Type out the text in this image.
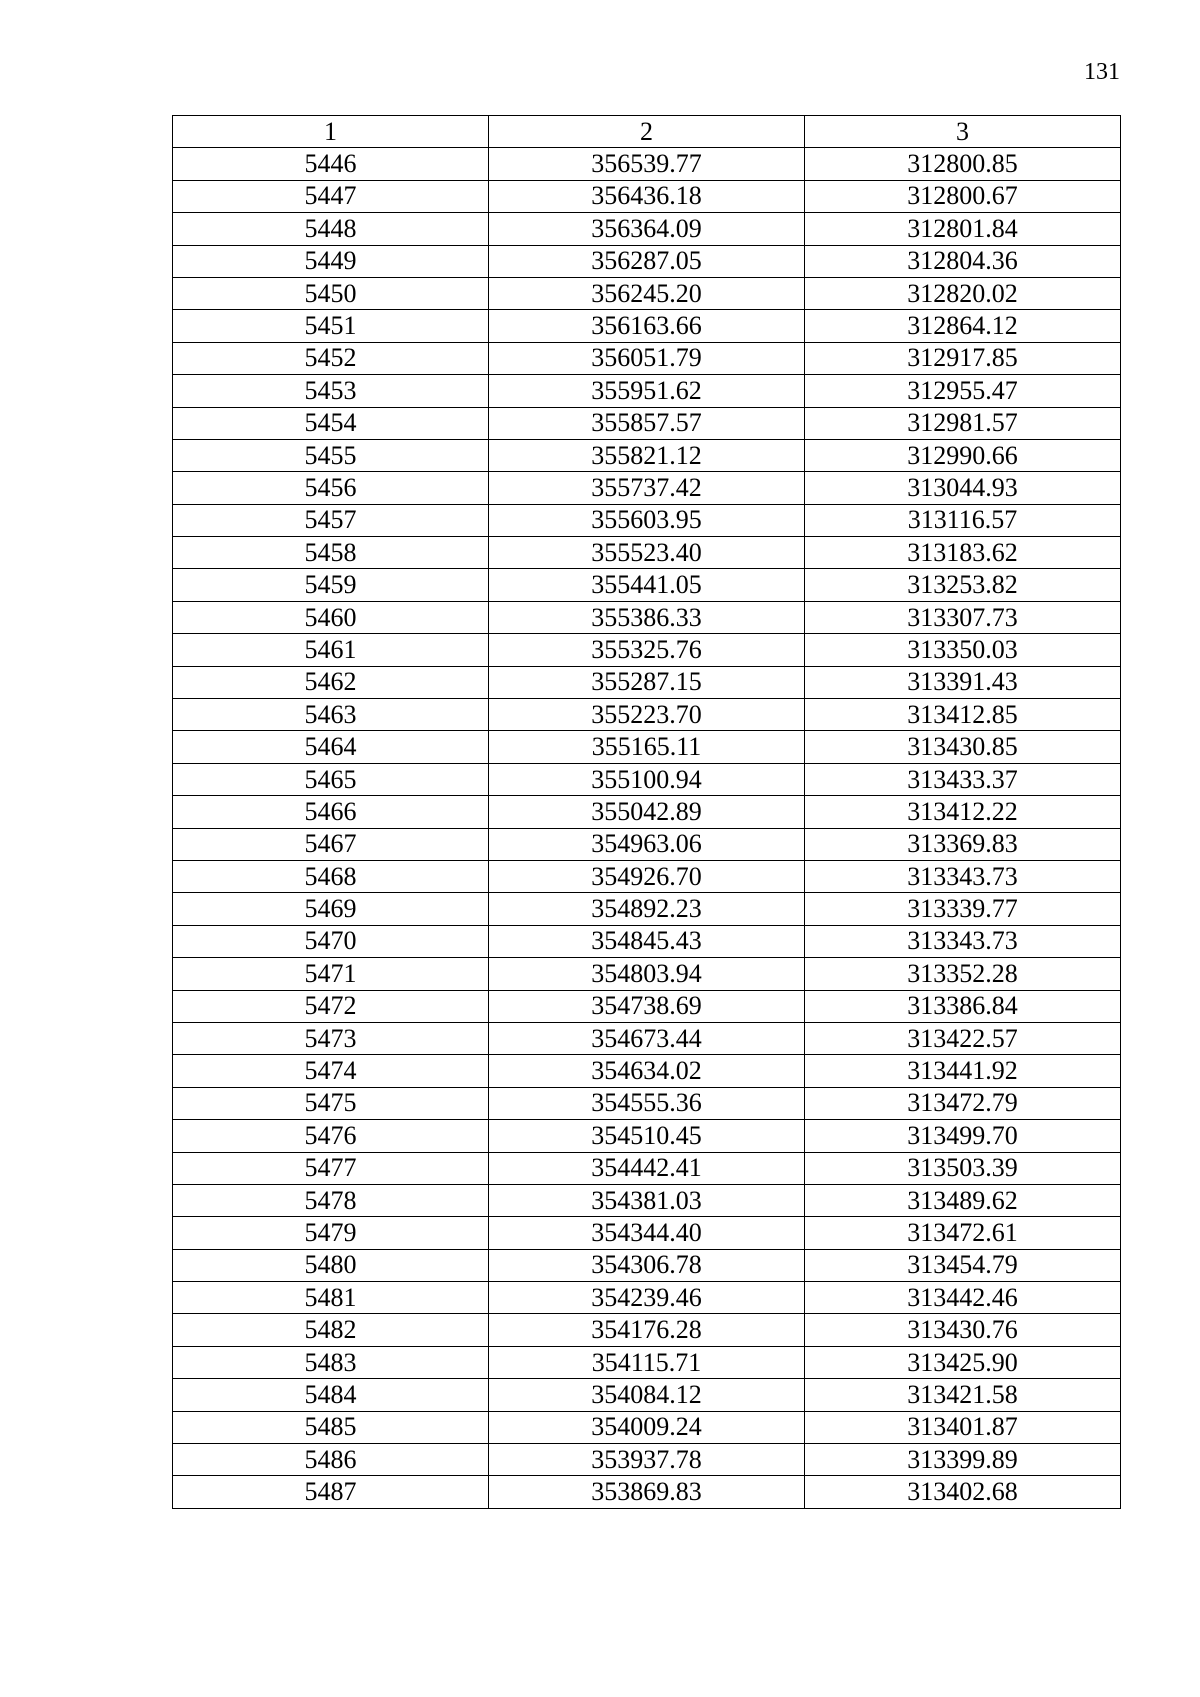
131
1	2	3
5446	356539.77	312800.85
5447	356436.18	312800.67
5448	356364.09	312801.84
5449	356287.05	312804.36
5450	356245.20	312820.02
5451	356163.66	312864.12
5452	356051.79	312917.85
5453	355951.62	312955.47
5454	355857.57	312981.57
5455	355821.12	312990.66
5456	355737.42	313044.93
5457	355603.95	313116.57
5458	355523.40	313183.62
5459	355441.05	313253.82
5460	355386.33	313307.73
5461	355325.76	313350.03
5462	355287.15	313391.43
5463	355223.70	313412.85
5464	355165.11	313430.85
5465	355100.94	313433.37
5466	355042.89	313412.22
5467	354963.06	313369.83
5468	354926.70	313343.73
5469	354892.23	313339.77
5470	354845.43	313343.73
5471	354803.94	313352.28
5472	354738.69	313386.84
5473	354673.44	313422.57
5474	354634.02	313441.92
5475	354555.36	313472.79
5476	354510.45	313499.70
5477	354442.41	313503.39
5478	354381.03	313489.62
5479	354344.40	313472.61
5480	354306.78	313454.79
5481	354239.46	313442.46
5482	354176.28	313430.76
5483	354115.71	313425.90
5484	354084.12	313421.58
5485	354009.24	313401.87
5486	353937.78	313399.89
5487	353869.83	313402.68
